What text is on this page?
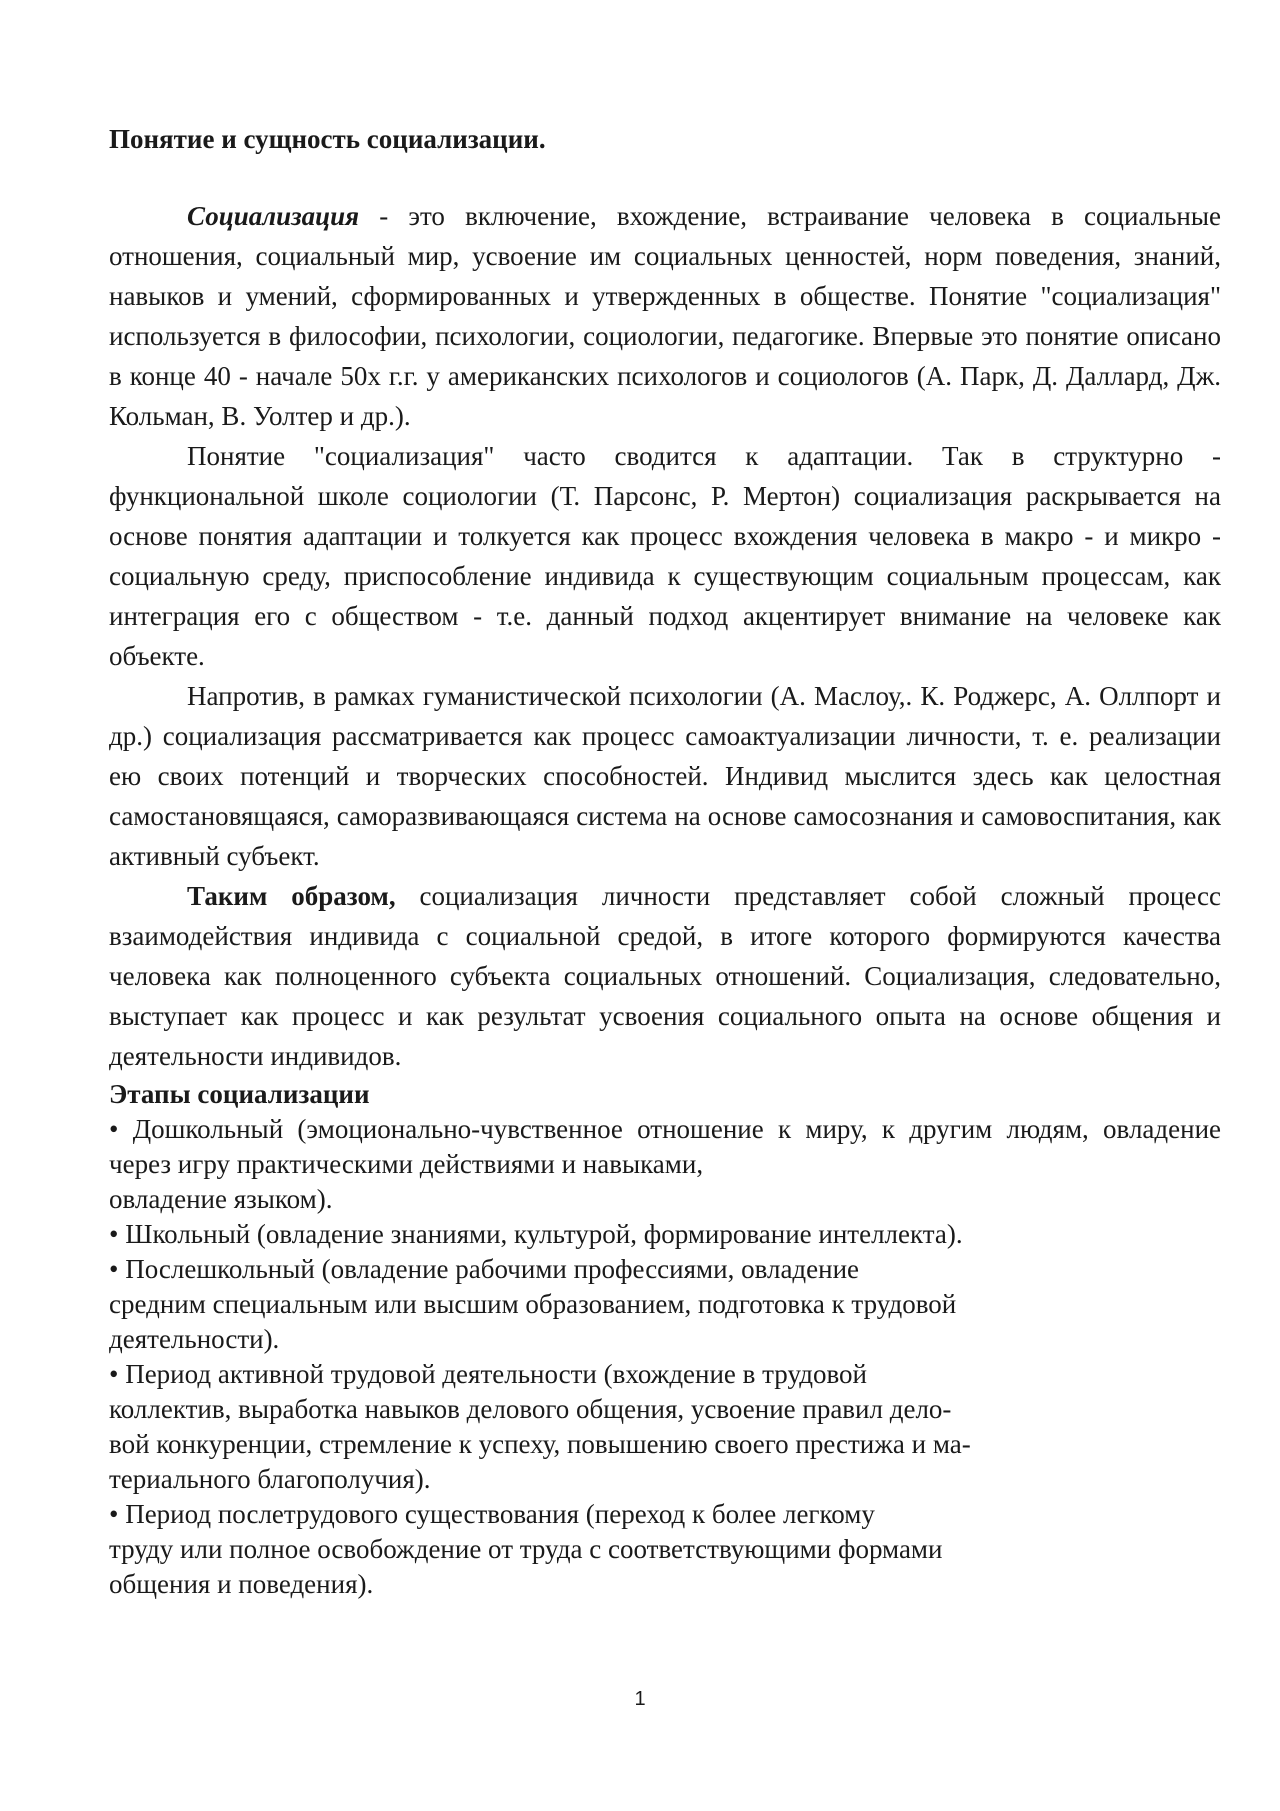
Понятие и сущность социализации.

Социализация - это включение, вхождение, встраивание человека в социальные отношения, социальный мир, усвоение им социальных ценностей, норм поведения, знаний, навыков и умений, сформированных и утвержденных в обществе. Понятие "социализация" используется в философии, психологии, социологии, педагогике. Впервые это понятие описано в конце 40 - начале 50х г.г. у американских психологов и социологов (А. Парк, Д. Даллард, Дж. Кольман, В. Уолтер и др.).

Понятие "социализация" часто сводится к адаптации. Так в структурно - функциональной школе социологии (Т. Парсонс, Р. Мертон) социализация раскрывается на основе понятия адаптации и толкуется как процесс вхождения человека в макро - и микро - социальную среду, приспособление индивида к существующим социальным процессам, как интеграция его с обществом - т.е. данный подход акцентирует внимание на человеке как объекте.

Напротив, в рамках гуманистической психологии (А. Маслоу,. К. Роджерс, А. Оллпорт и др.) социализация рассматривается как процесс самоактуализации личности, т. е. реализации ею своих потенций и творческих способностей. Индивид мыслится здесь как целостная самостановящаяся, саморазвивающаяся система на основе самосознания и самовоспитания, как активный субъект.

Таким образом, социализация личности представляет собой сложный процесс взаимодействия индивида с социальной средой, в итоге которого формируются качества человека как полноценного субъекта социальных отношений. Социализация, следовательно, выступает как процесс и как результат усвоения социального опыта на основе общения и деятельности индивидов.

Этапы социализации

• Дошкольный (эмоционально-чувственное отношение к миру, к другим людям, овладение через игру практическими действиями и навыками,

овладение языком).

• Школьный (овладение знаниями, культурой, формирование интеллекта).

• Послешкольный (овладение рабочими профессиями, овладение

средним специальным или высшим образованием, подготовка к трудовой

деятельности).

• Период активной трудовой деятельности (вхождение в трудовой

коллектив, выработка навыков делового общения, усвоение правил дело-

вой конкуренции, стремление к успеху, повышению своего престижа и ма-

териального благополучия).

• Период послетрудового существования (переход к более легкому

труду или полное освобождение от труда с соответствующими формами

общения и поведения).

1
